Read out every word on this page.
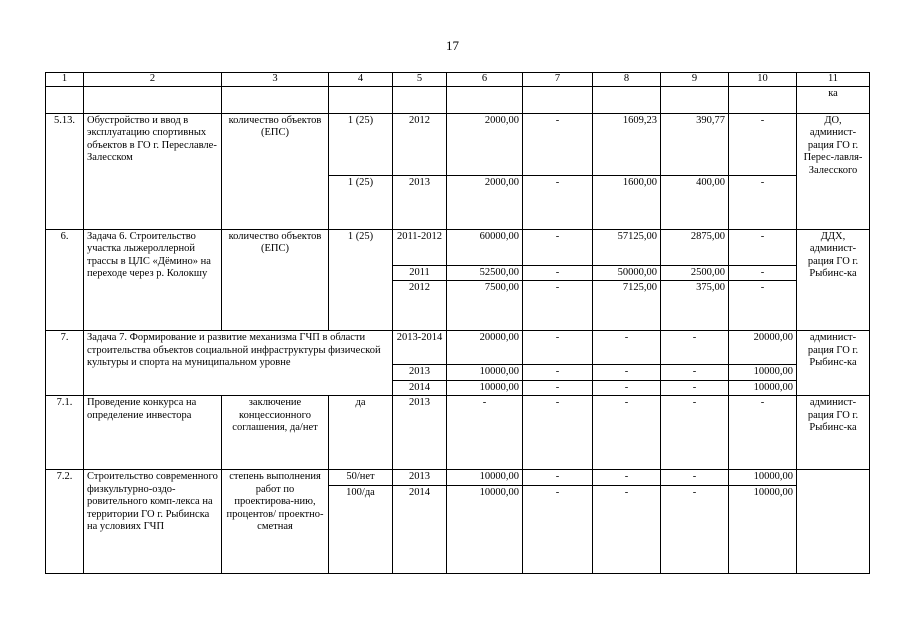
17
1	2	3	4	5	6	7	8	9	10	11
										ка
5.13.	Обустройство и ввод в эксплуатацию спортивных объектов в ГО г. Переславле-Залесском	количество объектов (ЕПС)	1 (25)	2012	2000,00	-	1609,23	390,77	-	ДО, админист-рация ГО г. Перес-лавля-Залесского
			1 (25)	2013	2000,00	-	1600,00	400,00	-	
6.	Задача 6. Строительство участка лыжероллерной трассы в ЦЛС «Дёмино» на переходе через р. Колокшу	количество объектов (ЕПС)	1 (25)	2011-2012	60000,00	-	57125,00	2875,00	-	ДДХ, админист-рация ГО г. Рыбинс-ка
				2011	52500,00	-	50000,00	2500,00	-	
				2012	7500,00	-	7125,00	375,00	-	
7.	Задача 7. Формирование и развитие механизма ГЧП в области строительства объектов социальной инфраструктуры физической культуры и спорта на муниципальном уровне			2013-2014	20000,00	-	-	-	20000,00	админист-рация ГО г. Рыбинс-ка
				2013	10000,00	-	-	-	10000,00	
				2014	10000,00	-	-	-	10000,00	
7.1.	Проведение конкурса на определение инвестора	заключение концессионного соглашения, да/нет	да	2013	-	-	-	-	-	админист-рация ГО г. Рыбинс-ка
7.2.	Строительство современного физкультурно-оздо-ровительного комп-лекса на территории ГО г. Рыбинска на условиях ГЧП	степень выполнения работ по проектирова-нию, процентов/ проектно-сметная	50/нет	2013	10000,00	-	-	-	10000,00	
			100/да	2014	10000,00	-	-	-	10000,00	
